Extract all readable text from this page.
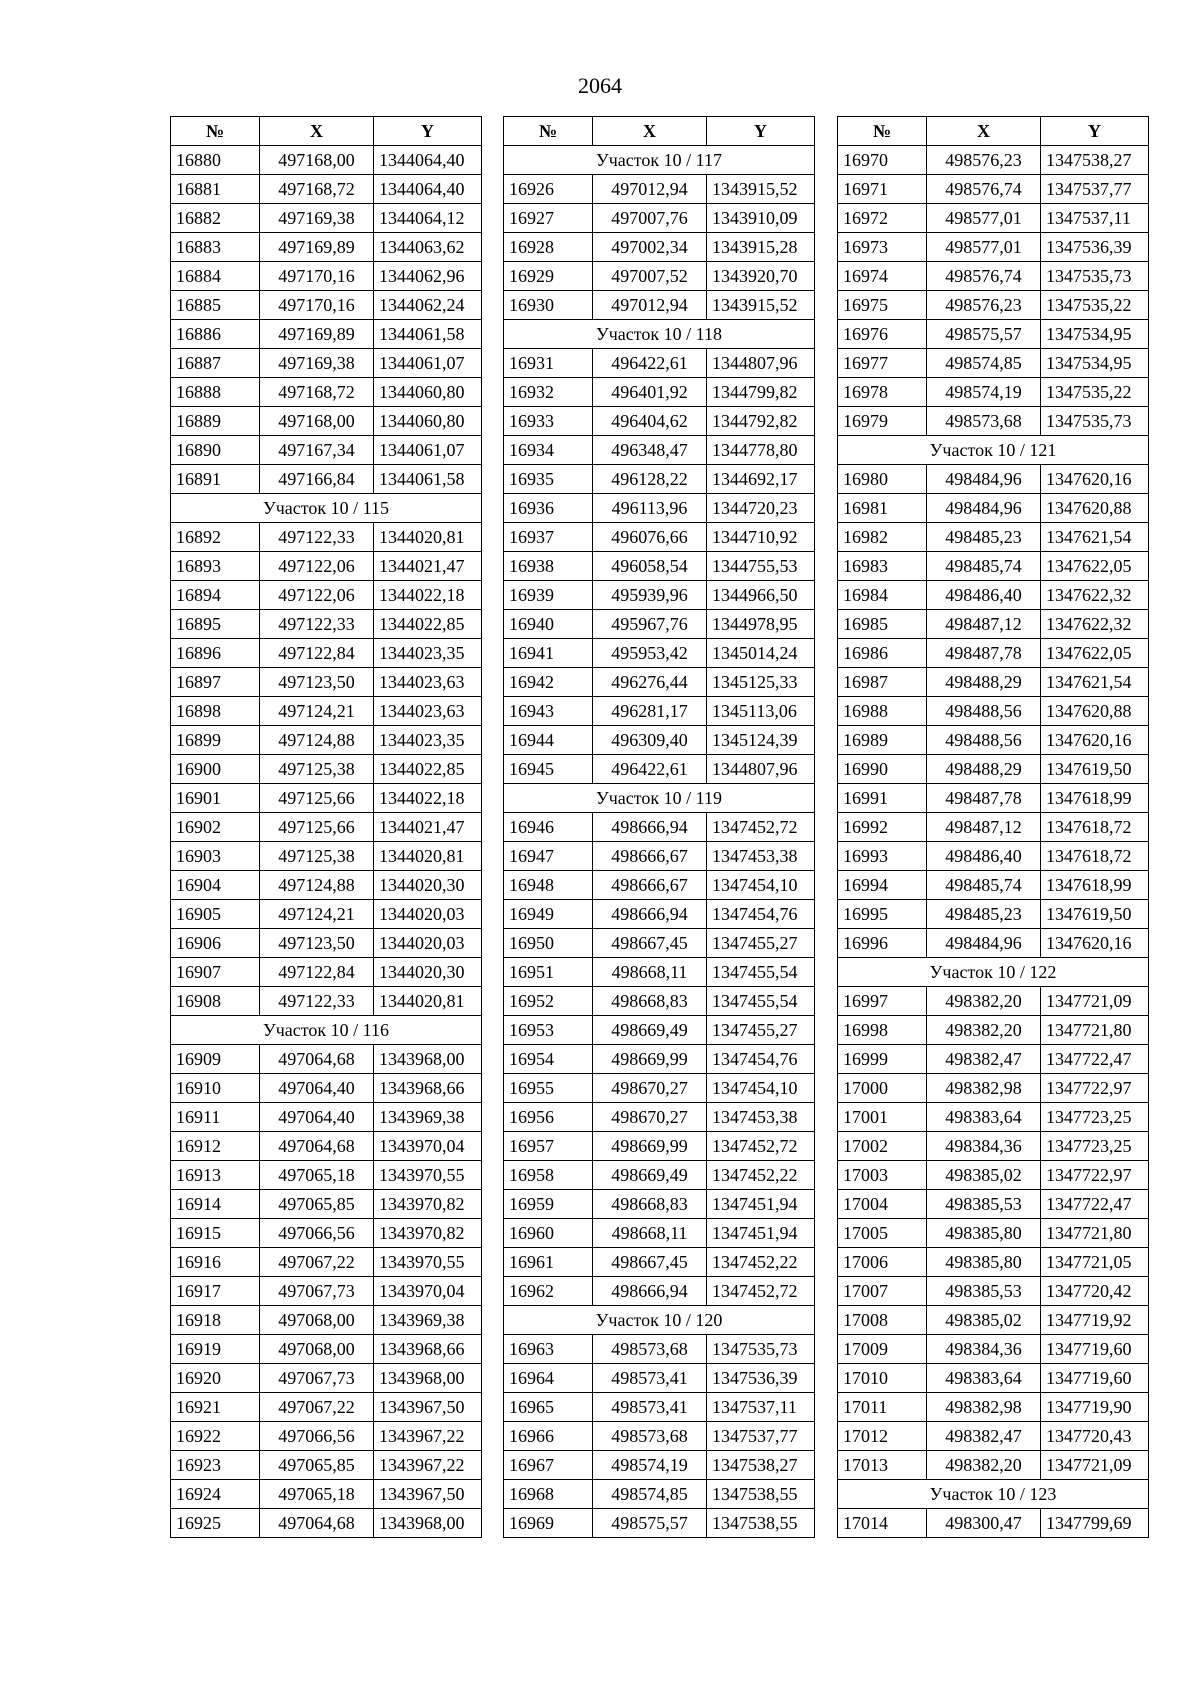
2064
№	X	Y
16880	497168,00	1344064,40
16881	497168,72	1344064,40
16882	497169,38	1344064,12
16883	497169,89	1344063,62
16884	497170,16	1344062,96
16885	497170,16	1344062,24
16886	497169,89	1344061,58
16887	497169,38	1344061,07
16888	497168,72	1344060,80
16889	497168,00	1344060,80
16890	497167,34	1344061,07
16891	497166,84	1344061,58
Участок 10 / 115		
16892	497122,33	1344020,81
16893	497122,06	1344021,47
16894	497122,06	1344022,18
16895	497122,33	1344022,85
16896	497122,84	1344023,35
16897	497123,50	1344023,63
16898	497124,21	1344023,63
16899	497124,88	1344023,35
16900	497125,38	1344022,85
16901	497125,66	1344022,18
16902	497125,66	1344021,47
16903	497125,38	1344020,81
16904	497124,88	1344020,30
16905	497124,21	1344020,03
16906	497123,50	1344020,03
16907	497122,84	1344020,30
16908	497122,33	1344020,81
Участок 10 / 116		
16909	497064,68	1343968,00
16910	497064,40	1343968,66
16911	497064,40	1343969,38
16912	497064,68	1343970,04
16913	497065,18	1343970,55
16914	497065,85	1343970,82
16915	497066,56	1343970,82
16916	497067,22	1343970,55
16917	497067,73	1343970,04
16918	497068,00	1343969,38
16919	497068,00	1343968,66
16920	497067,73	1343968,00
16921	497067,22	1343967,50
16922	497066,56	1343967,22
16923	497065,85	1343967,22
16924	497065,18	1343967,50
16925	497064,68	1343968,00
№	X	Y
Участок 10 / 117		
16926	497012,94	1343915,52
16927	497007,76	1343910,09
16928	497002,34	1343915,28
16929	497007,52	1343920,70
16930	497012,94	1343915,52
Участок 10 / 118		
16931	496422,61	1344807,96
16932	496401,92	1344799,82
16933	496404,62	1344792,82
16934	496348,47	1344778,80
16935	496128,22	1344692,17
16936	496113,96	1344720,23
16937	496076,66	1344710,92
16938	496058,54	1344755,53
16939	495939,96	1344966,50
16940	495967,76	1344978,95
16941	495953,42	1345014,24
16942	496276,44	1345125,33
16943	496281,17	1345113,06
16944	496309,40	1345124,39
16945	496422,61	1344807,96
Участок 10 / 119		
16946	498666,94	1347452,72
16947	498666,67	1347453,38
16948	498666,67	1347454,10
16949	498666,94	1347454,76
16950	498667,45	1347455,27
16951	498668,11	1347455,54
16952	498668,83	1347455,54
16953	498669,49	1347455,27
16954	498669,99	1347454,76
16955	498670,27	1347454,10
16956	498670,27	1347453,38
16957	498669,99	1347452,72
16958	498669,49	1347452,22
16959	498668,83	1347451,94
16960	498668,11	1347451,94
16961	498667,45	1347452,22
16962	498666,94	1347452,72
Участок 10 / 120		
16963	498573,68	1347535,73
16964	498573,41	1347536,39
16965	498573,41	1347537,11
16966	498573,68	1347537,77
16967	498574,19	1347538,27
16968	498574,85	1347538,55
16969	498575,57	1347538,55
№	X	Y
16970	498576,23	1347538,27
16971	498576,74	1347537,77
16972	498577,01	1347537,11
16973	498577,01	1347536,39
16974	498576,74	1347535,73
16975	498576,23	1347535,22
16976	498575,57	1347534,95
16977	498574,85	1347534,95
16978	498574,19	1347535,22
16979	498573,68	1347535,73
Участок 10 / 121		
16980	498484,96	1347620,16
16981	498484,96	1347620,88
16982	498485,23	1347621,54
16983	498485,74	1347622,05
16984	498486,40	1347622,32
16985	498487,12	1347622,32
16986	498487,78	1347622,05
16987	498488,29	1347621,54
16988	498488,56	1347620,88
16989	498488,56	1347620,16
16990	498488,29	1347619,50
16991	498487,78	1347618,99
16992	498487,12	1347618,72
16993	498486,40	1347618,72
16994	498485,74	1347618,99
16995	498485,23	1347619,50
16996	498484,96	1347620,16
Участок 10 / 122		
16997	498382,20	1347721,09
16998	498382,20	1347721,80
16999	498382,47	1347722,47
17000	498382,98	1347722,97
17001	498383,64	1347723,25
17002	498384,36	1347723,25
17003	498385,02	1347722,97
17004	498385,53	1347722,47
17005	498385,80	1347721,80
17006	498385,80	1347721,05
17007	498385,53	1347720,42
17008	498385,02	1347719,92
17009	498384,36	1347719,60
17010	498383,64	1347719,60
17011	498382,98	1347719,90
17012	498382,47	1347720,43
17013	498382,20	1347721,09
Участок 10 / 123		
17014	498300,47	1347799,69
